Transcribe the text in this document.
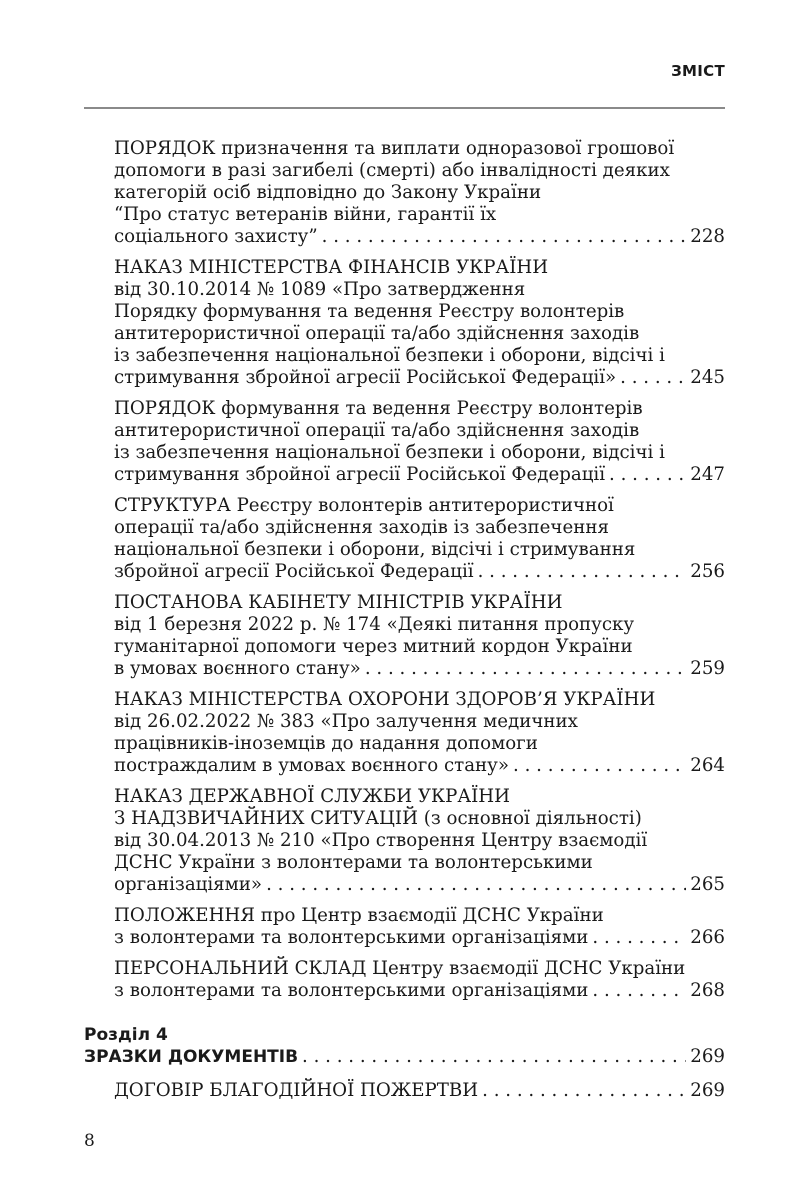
ЗМІСТ
ПОРЯДОК призначення та виплати одноразової грошової
допомоги в разі загибелі (смерті) або інвалідності деяких
категорій осіб відповідно до Закону України
“Про статус ветеранів війни, гарантії їх
соціального захисту” . . .	228
НАКАЗ МІНІСТЕРСТВА ФІНАНСІВ УКРАЇНИ
від 30.10.2014 № 1089 «Про затвердження
Порядку формування та ведення Реєстру волонтерів
антитерористичної операції та/або здійснення заходів
із забезпечення національної безпеки і оборони, відсічі і
стримування збройної агресії Російської Федерації» . . .	245
ПОРЯДОК формування та ведення Реєстру волонтерів
антитерористичної операції та/або здійснення заходів
із забезпечення національної безпеки і оборони, відсічі і
стримування збройної агресії Російської Федерації . . .	247
СТРУКТУРА Реєстру волонтерів антитерористичної
операції та/або здійснення заходів із забезпечення
національної безпеки і оборони, відсічі і стримування
збройної агресії Російської Федерації . . .	256
ПОСТАНОВА КАБІНЕТУ МІНІСТРІВ УКРАЇНИ
від 1 березня 2022 р. № 174 «Деякі питання пропуску
гуманітарної допомоги через митний кордон України
в умовах воєнного стану» . . .	259
НАКАЗ МІНІСТЕРСТВА ОХОРОНИ ЗДОРОВ’Я УКРАЇНИ
від 26.02.2022 № 383 «Про залучення медичних
працівників-іноземців до надання допомоги
постраждалим в умовах воєнного стану» . . .	264
НАКАЗ ДЕРЖАВНОЇ СЛУЖБИ УКРАЇНИ
З НАДЗВИЧАЙНИХ СИТУАЦІЙ (з основної діяльності)
від 30.04.2013 № 210 «Про створення Центру взаємодії
ДСНС України з волонтерами та волонтерськими
організаціями» . . .	265
ПОЛОЖЕННЯ про Центр взаємодії ДСНС України
з волонтерами та волонтерськими організаціями . . .	266
ПЕРСОНАЛЬНИЙ СКЛАД Центру взаємодії ДСНС України
з волонтерами та волонтерськими організаціями . . .	268
Розділ 4
ЗРАЗКИ ДОКУМЕНТІВ . . .	269
ДОГОВІР БЛАГОДІЙНОЇ ПОЖЕРТВИ . . .	269
8
